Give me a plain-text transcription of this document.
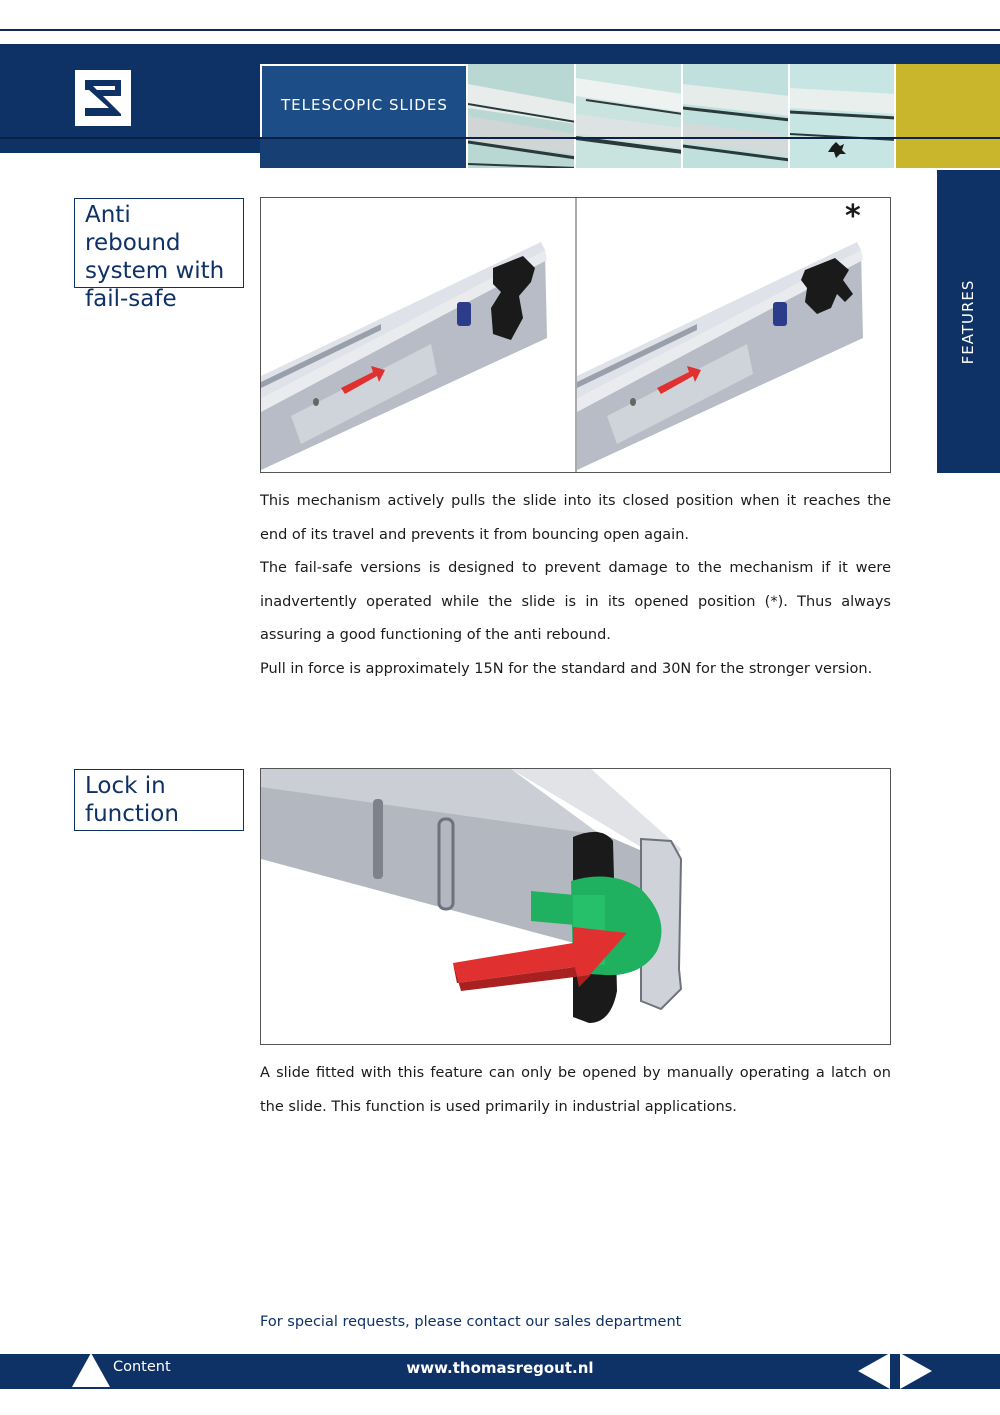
TELESCOPIC SLIDES
FEATURES
Anti rebound system with fail-safe
*

This mechanism actively pulls the slide into its closed position when it reaches the end of its travel and prevents it from bouncing open again.

The fail-safe versions is designed to prevent damage to the mechanism if it were inadvertently operated while the slide is in its opened position (*). Thus always assuring a good functioning of the anti rebound.

Pull in force is approximately 15N for the standard and 30N for the stronger version.

Lock in function

A slide fitted with this feature can only be opened by manually operating a latch on the slide. This function is used primarily in industrial applications.

For special requests, please contact our sales department
Content	www.thomasregout.nl
